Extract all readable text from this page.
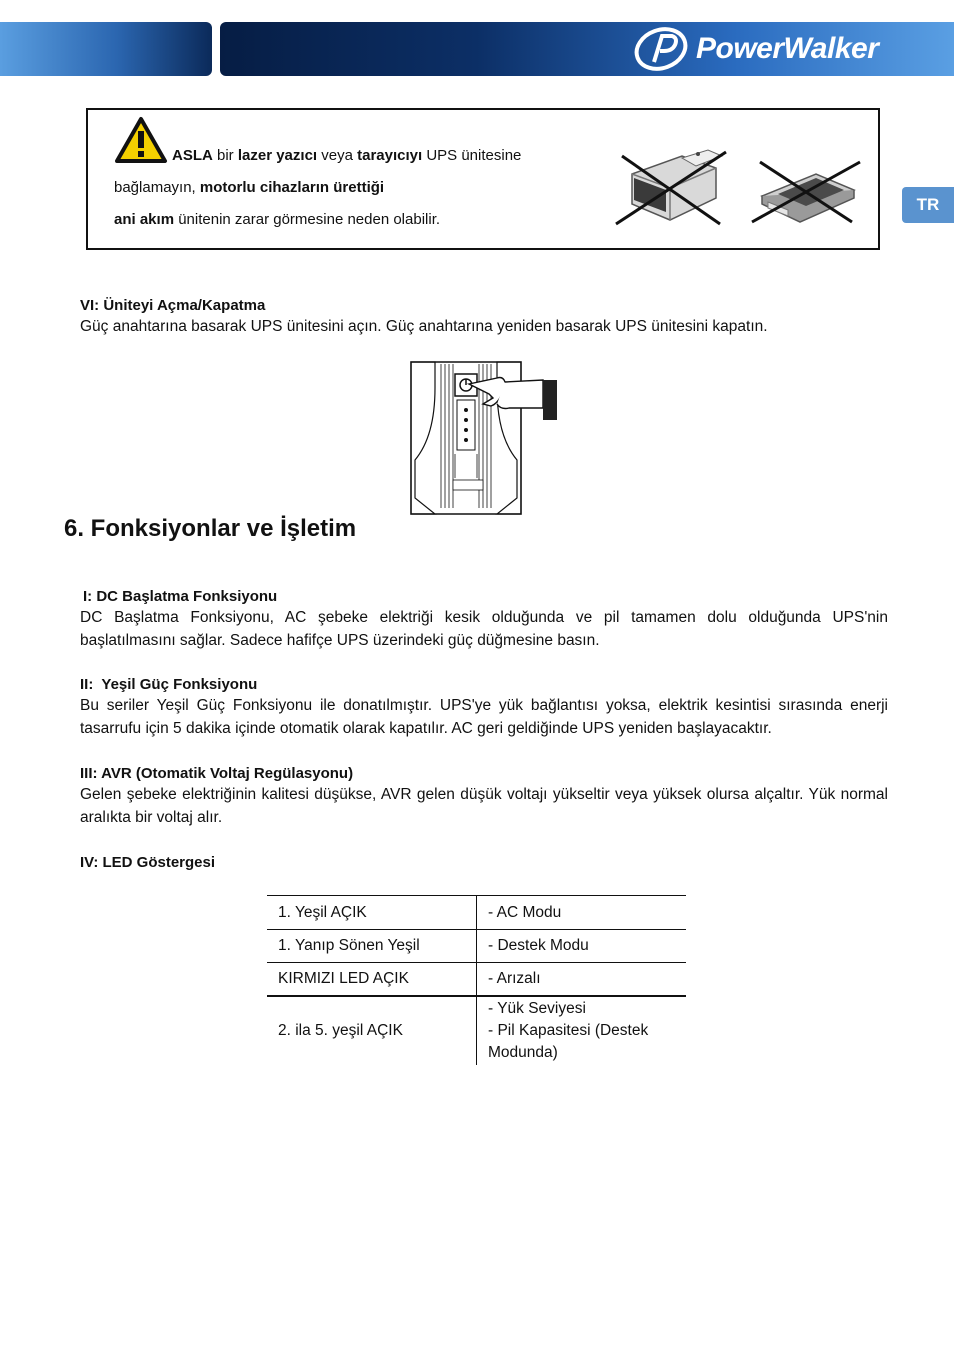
PowerWalker
TR
ASLA bir lazer yazıcı veya tarayıcıyı UPS ünitesine
bağlamayın, motorlu cihazların ürettiği
ani akım ünitenin zarar görmesine neden olabilir.
VI: Üniteyi Açma/Kapatma

Güç anahtarına basarak UPS ünitesini açın. Güç anahtarına yeniden basarak UPS ünitesini kapatın.

6. Fonksiyonlar ve İşletim
I: DC Başlatma Fonksiyonu

DC Başlatma Fonksiyonu, AC şebeke elektriği kesik olduğunda ve pil tamamen dolu olduğunda UPS'nin başlatılmasını sağlar. Sadece hafifçe UPS üzerindeki güç düğmesine basın.

II:  Yeşil Güç Fonksiyonu

Bu seriler Yeşil Güç Fonksiyonu ile donatılmıştır. UPS'ye yük bağlantısı yoksa, elektrik kesintisi sırasında enerji tasarrufu için 5 dakika içinde otomatik olarak kapatılır. AC geri geldiğinde UPS yeniden başlayacaktır.

III: AVR (Otomatik Voltaj Regülasyonu)

Gelen şebeke elektriğinin kalitesi düşükse, AVR gelen düşük voltajı yükseltir veya yüksek olursa alçaltır. Yük normal aralıkta bir voltaj alır.

IV: LED Göstergesi
1. Yeşil AÇIK	- AC Modu
1. Yanıp Sönen Yeşil	- Destek Modu
KIRMIZI LED AÇIK	- Arızalı
2. ila 5. yeşil AÇIK	- Yük Seviyesi
- Pil Kapasitesi (Destek Modunda)
